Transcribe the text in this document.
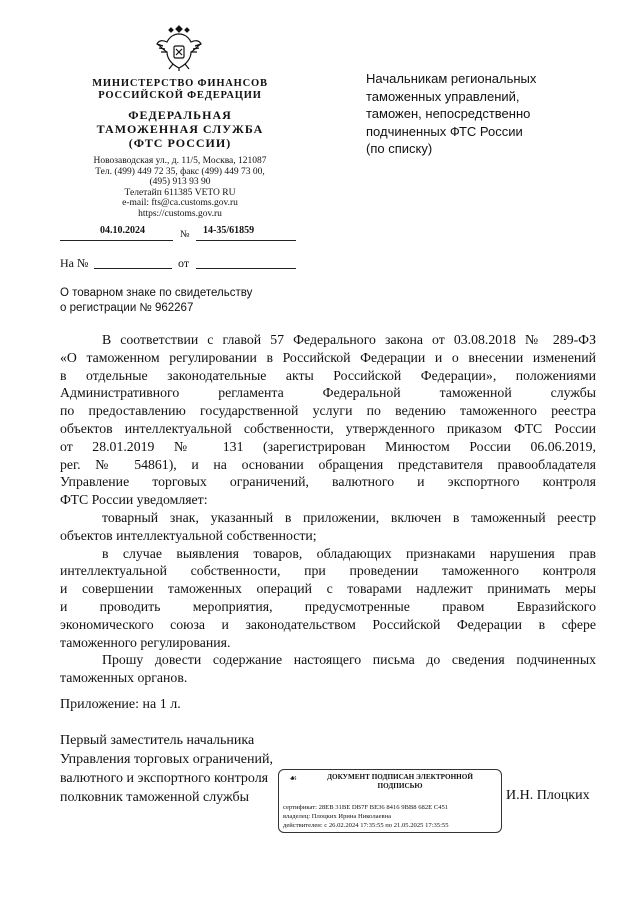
МИНИСТЕРСТВО ФИНАНСОВ
РОССИЙСКОЙ ФЕДЕРАЦИИ
ФЕДЕРАЛЬНАЯ
ТАМОЖЕННАЯ СЛУЖБА
(ФТС РОССИИ)
Новозаводская ул., д. 11/5, Москва, 121087
Тел. (499) 449 72 35, факс (499) 449 73 00,
(495) 913 93 90
Телетайп 611385 VETO RU
e-mail: fts@ca.customs.gov.ru
https://customs.gov.ru
04.10.2024	№ 14-35/61859
На №	от
О товарном знаке по свидетельству
о регистрации № 962267
Начальникам региональных
таможенных управлений,
таможен, непосредственно
подчиненных ФТС России
(по списку)
В соответствии с главой 57 Федерального закона от 03.08.2018 № 289-ФЗ
«О таможенном регулировании в Российской Федерации и о внесении изменений
в отдельные законодательные акты Российской Федерации», положениями
Административного регламента Федеральной таможенной службы
по предоставлению государственной услуги по ведению таможенного реестра
объектов интеллектуальной собственности, утвержденного приказом ФТС России
от 28.01.2019 № 131 (зарегистрирован Минюстом России 06.06.2019,
рег. № 54861), и на основании обращения представителя правообладателя
Управление торговых ограничений, валютного и экспортного контроля
ФТС России уведомляет:
товарный знак, указанный в приложении, включен в таможенный реестр
объектов интеллектуальной собственности;
в случае выявления товаров, обладающих признаками нарушения прав
интеллектуальной собственности, при проведении таможенного контроля
и совершении таможенных операций с товарами надлежит принимать меры
и проводить мероприятия, предусмотренные правом Евразийского
экономического союза и законодательством Российской Федерации в сфере
таможенного регулирования.
Прошу довести содержание настоящего письма до сведения подчиненных
таможенных органов.
Приложение: на 1 л.
Первый заместитель начальника
Управления торговых ограничений,
валютного и экспортного контроля
полковник таможенной службы	И.Н. Плоцких
☙	ДОКУМЕНТ ПОДПИСАН ЭЛЕКТРОННОЙ
ПОДПИСЬЮ
сертификат: 28EB 31BE DB7F BE36 8416 9BB8 682E C451
владелец: Плоцких Ирина Николаевна
действителен: с 26.02.2024 17:35:55 по 21.05.2025 17:35:55
